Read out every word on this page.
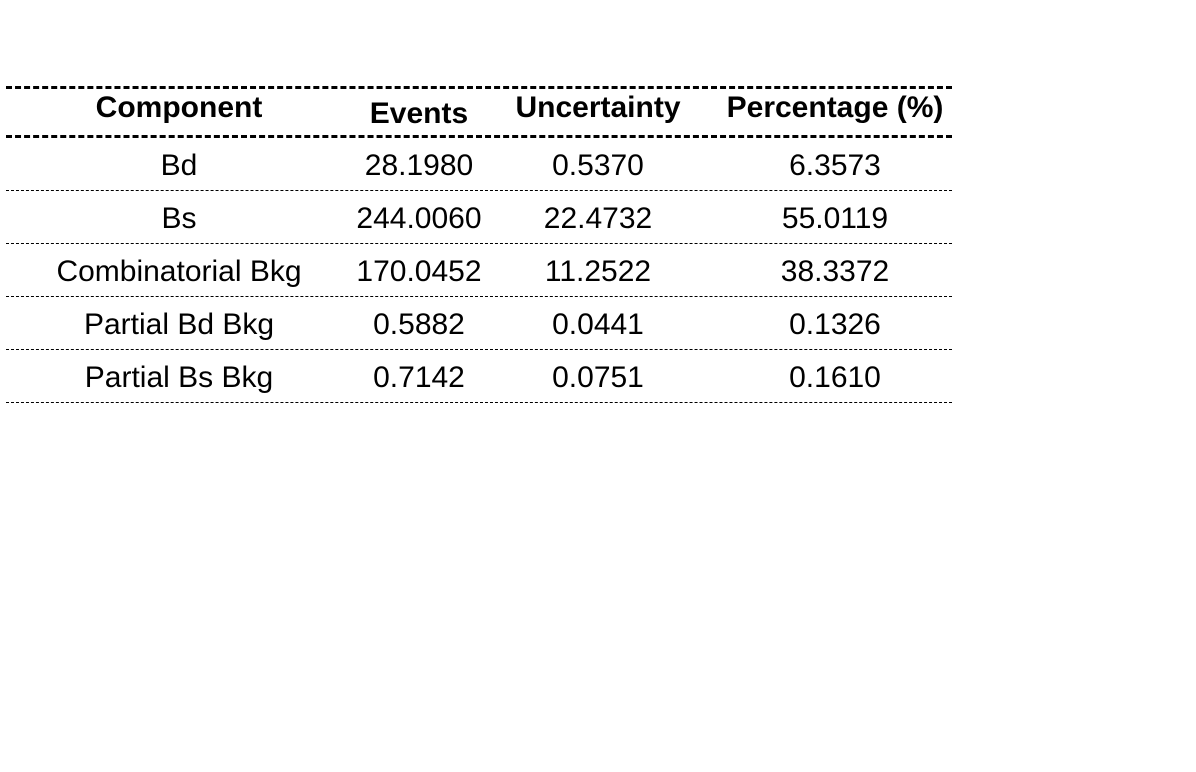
Component	Events	Uncertainty	Percentage (%)
Bd	28.1980	0.5370	6.3573
Bs	244.0060	22.4732	55.0119
Combinatorial Bkg	170.0452	11.2522	38.3372
Partial Bd Bkg	0.5882	0.0441	0.1326
Partial Bs Bkg	0.7142	0.0751	0.1610
